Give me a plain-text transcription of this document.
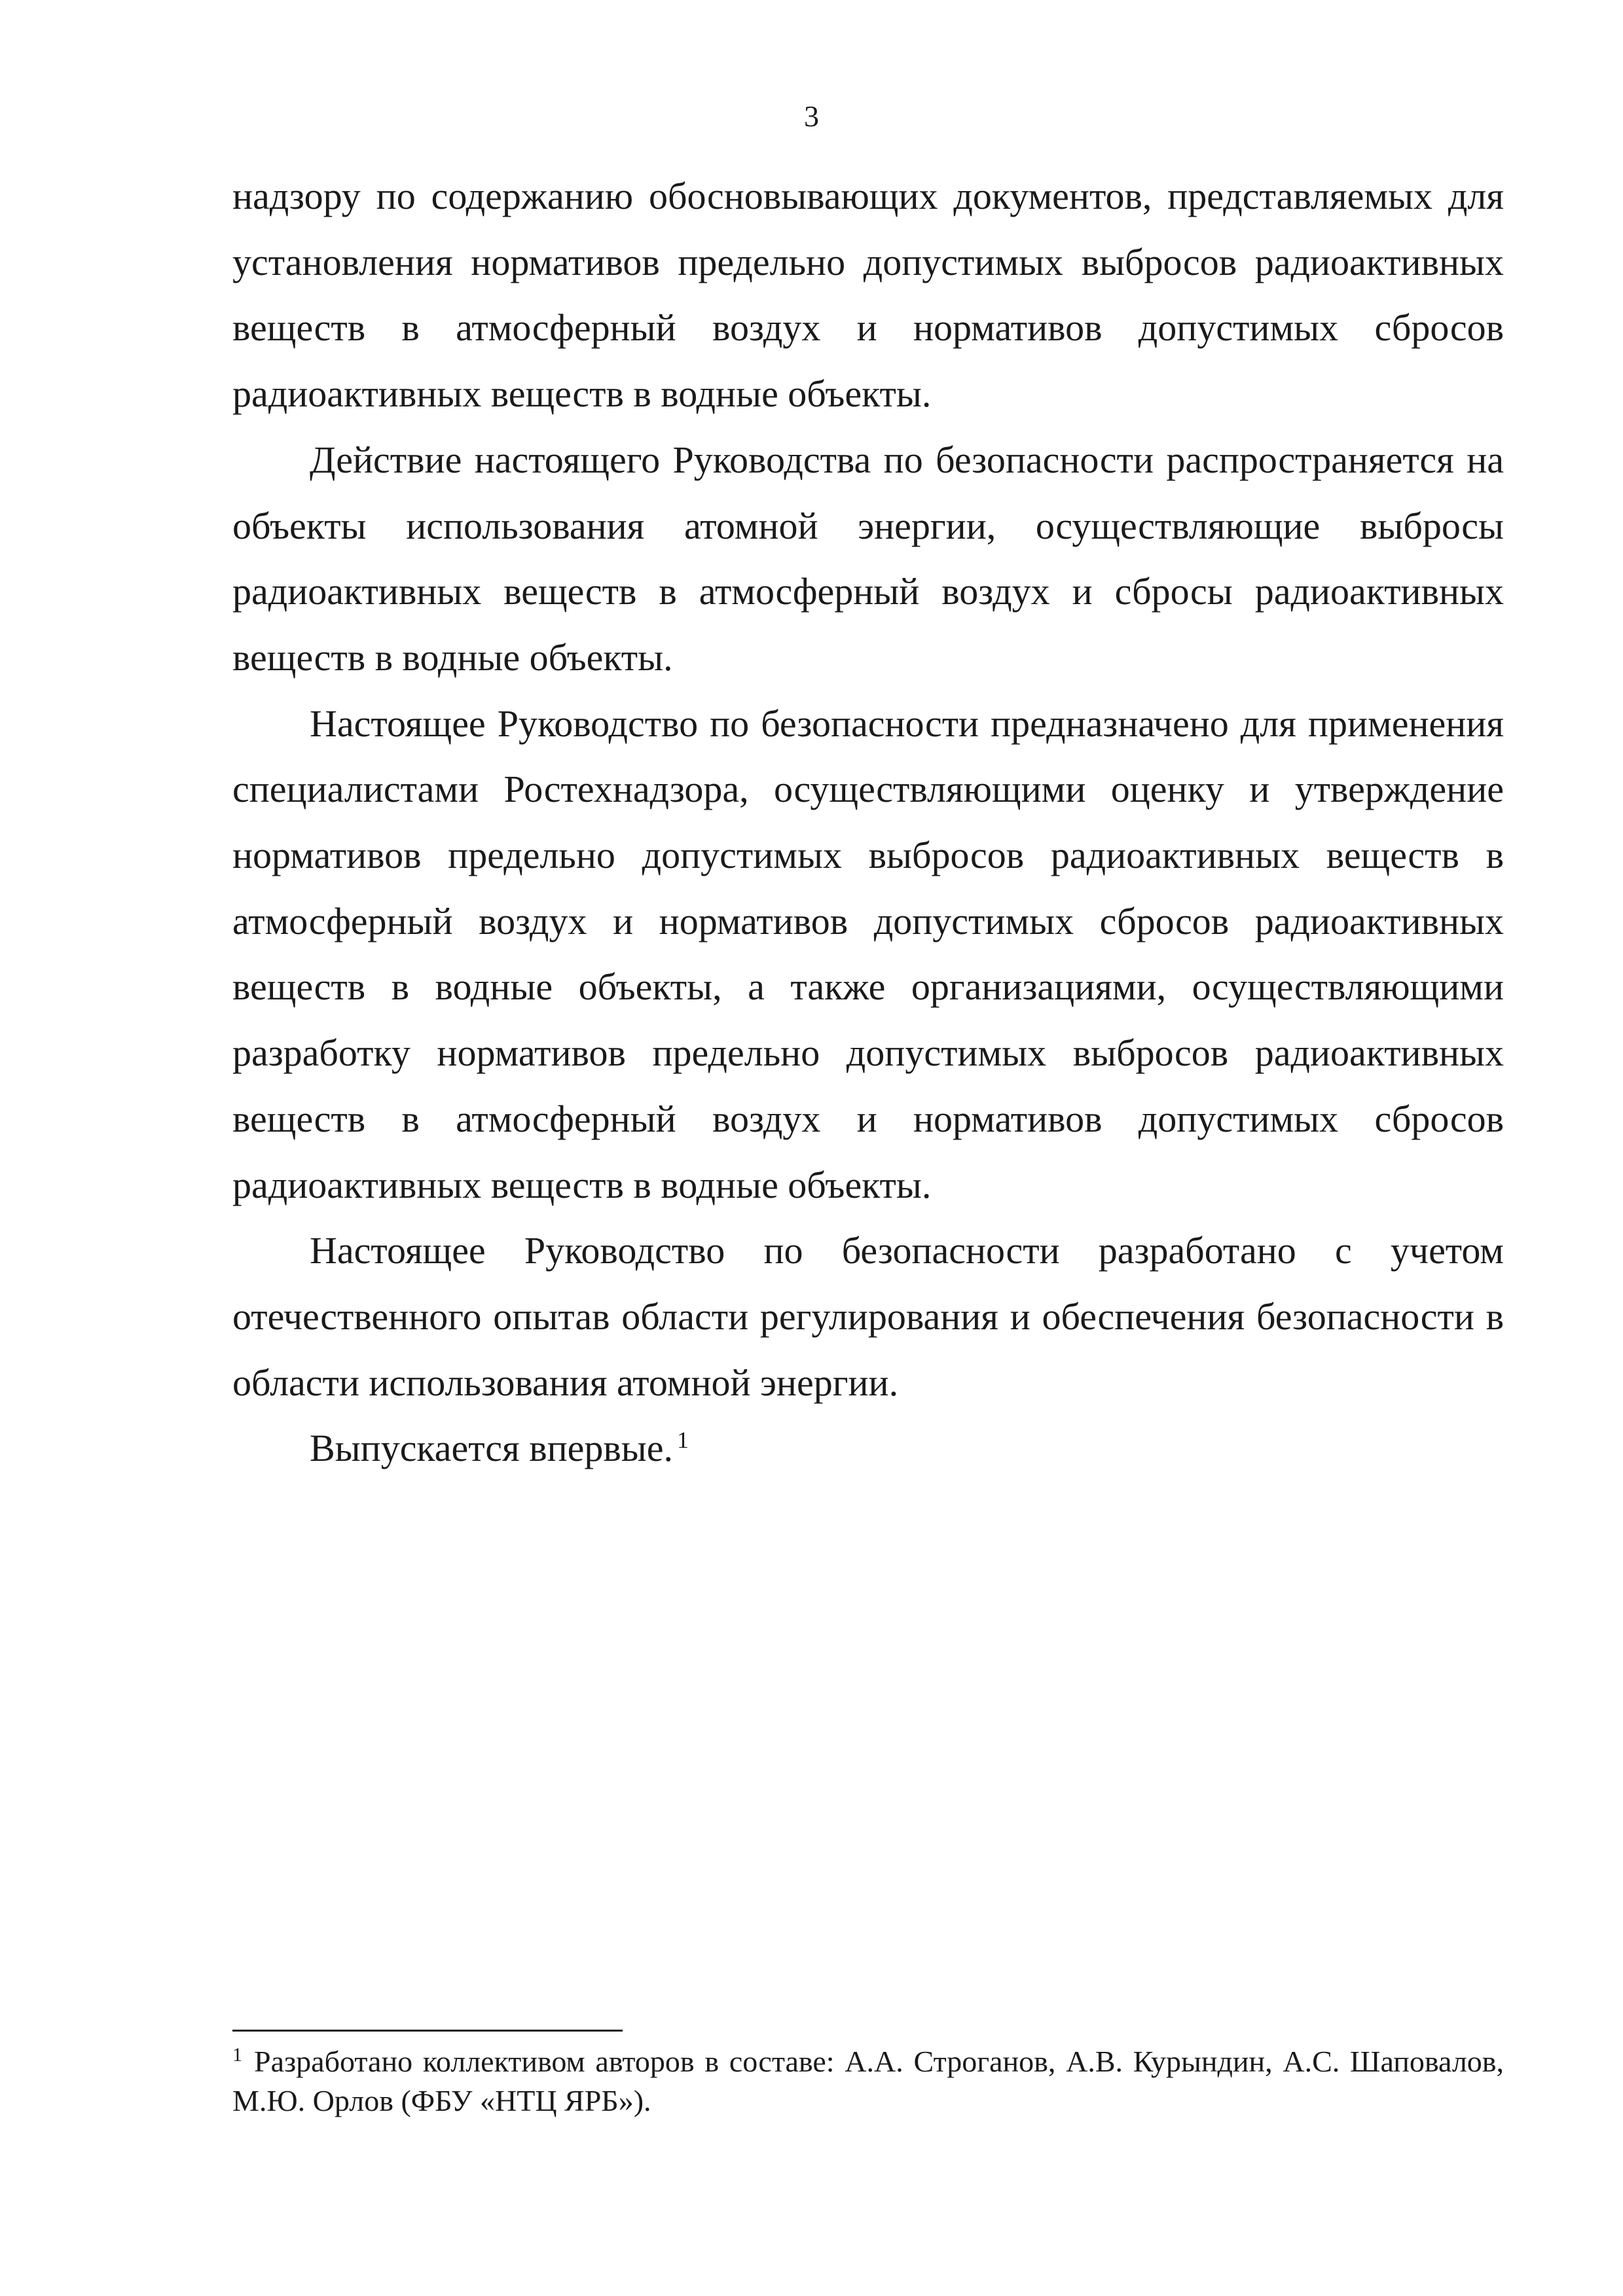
3

надзору по содержанию обосновывающих документов, представляемых для установления нормативов предельно допустимых выбросов радиоактивных веществ в атмосферный воздух и нормативов допустимых сбросов радиоактивных веществ в водные объекты.

Действие настоящего Руководства по безопасности распространяется на объекты использования атомной энергии, осуществляющие выбросы радиоактивных веществ в атмосферный воздух и сбросы радиоактивных веществ в водные объекты.

Настоящее Руководство по безопасности предназначено для применения специалистами Ростехнадзора, осуществляющими оценку и утверждение нормативов предельно допустимых выбросов радиоактивных веществ в атмосферный воздух и нормативов допустимых сбросов радиоактивных веществ в водные объекты, а также организациями, осуществляющими разработку нормативов предельно допустимых выбросов радиоактивных веществ в атмосферный воздух и нормативов допустимых сбросов радиоактивных веществ в водные объекты.

Настоящее Руководство по безопасности разработано с учетом отечественного опытав области регулирования и обеспечения безопасности в области использования атомной энергии.

Выпускается впервые. $^1$

$^1$ Разработано коллективом авторов в составе: А.А. Строганов, А.В. Курындин, А.С. Шаповалов, М.Ю. Орлов (ФБУ «НТЦ ЯРБ»).
